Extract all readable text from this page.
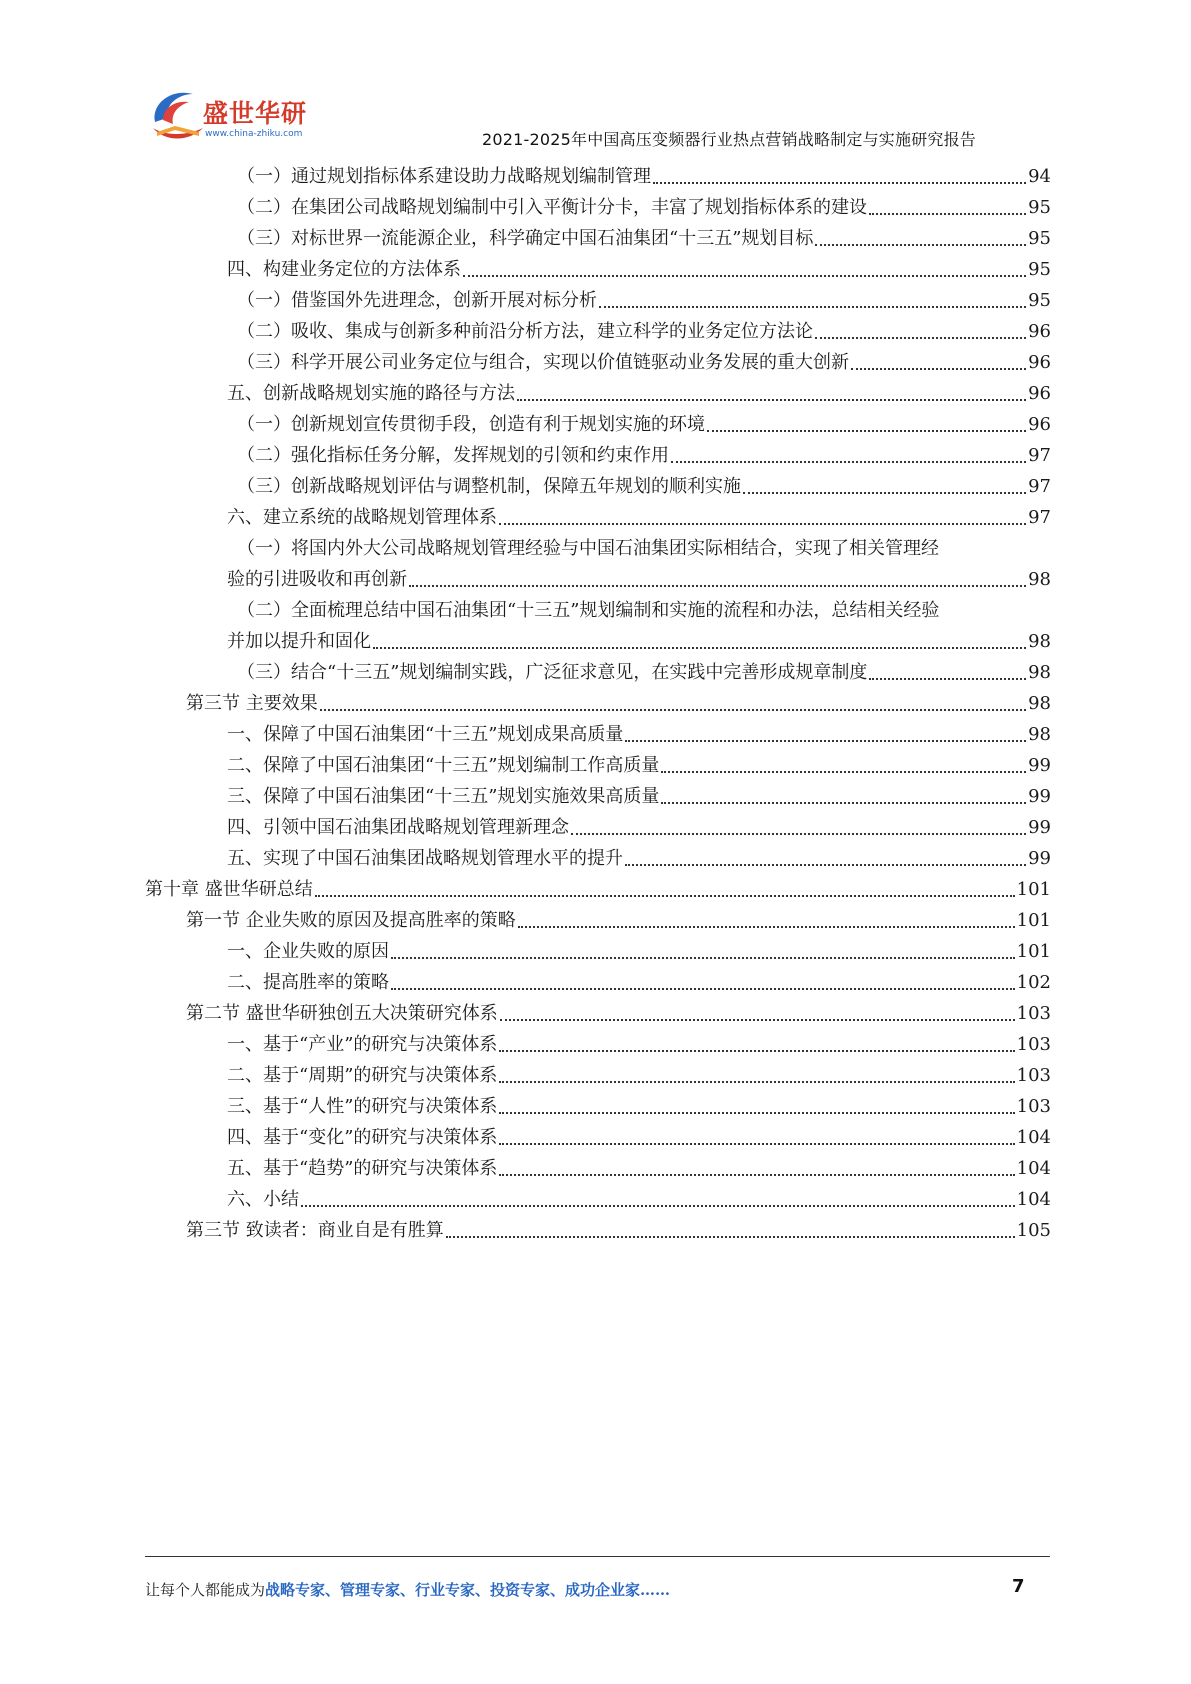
盛世华研
www.china-zhiku.com	2021-2025年中国高压变频器行业热点营销战略制定与实施研究报告
（一）通过规划指标体系建设助力战略规划编制管理	94
（二）在集团公司战略规划编制中引入平衡计分卡，丰富了规划指标体系的建设	95
（三）对标世界一流能源企业，科学确定中国石油集团“十三五”规划目标	95
四、构建业务定位的方法体系	95
（一）借鉴国外先进理念，创新开展对标分析	95
（二）吸收、集成与创新多种前沿分析方法，建立科学的业务定位方法论	96
（三）科学开展公司业务定位与组合，实现以价值链驱动业务发展的重大创新	96
五、创新战略规划实施的路径与方法	96
（一）创新规划宣传贯彻手段，创造有利于规划实施的环境	96
（二）强化指标任务分解，发挥规划的引领和约束作用	97
（三）创新战略规划评估与调整机制，保障五年规划的顺利实施	97
六、建立系统的战略规划管理体系	97
（一）将国内外大公司战略规划管理经验与中国石油集团实际相结合，实现了相关管理经
验的引进吸收和再创新	98
（二）全面梳理总结中国石油集团“十三五”规划编制和实施的流程和办法，总结相关经验
并加以提升和固化	98
（三）结合“十三五”规划编制实践，广泛征求意见，在实践中完善形成规章制度	98
第三节 主要效果	98
一、保障了中国石油集团“十三五”规划成果高质量	98
二、保障了中国石油集团“十三五”规划编制工作高质量	99
三、保障了中国石油集团“十三五”规划实施效果高质量	99
四、引领中国石油集团战略规划管理新理念	99
五、实现了中国石油集团战略规划管理水平的提升	99
第十章 盛世华研总结	101
第一节 企业失败的原因及提高胜率的策略	101
一、企业失败的原因	101
二、提高胜率的策略	102
第二节 盛世华研独创五大决策研究体系	103
一、基于“产业”的研究与决策体系	103
二、基于“周期”的研究与决策体系	103
三、基于“人性”的研究与决策体系	103
四、基于“变化”的研究与决策体系	104
五、基于“趋势”的研究与决策体系	104
六、小结	104
第三节 致读者：商业自是有胜算	105
让每个人都能成为战略专家、管理专家、行业专家、投资专家、成功企业家……	7
